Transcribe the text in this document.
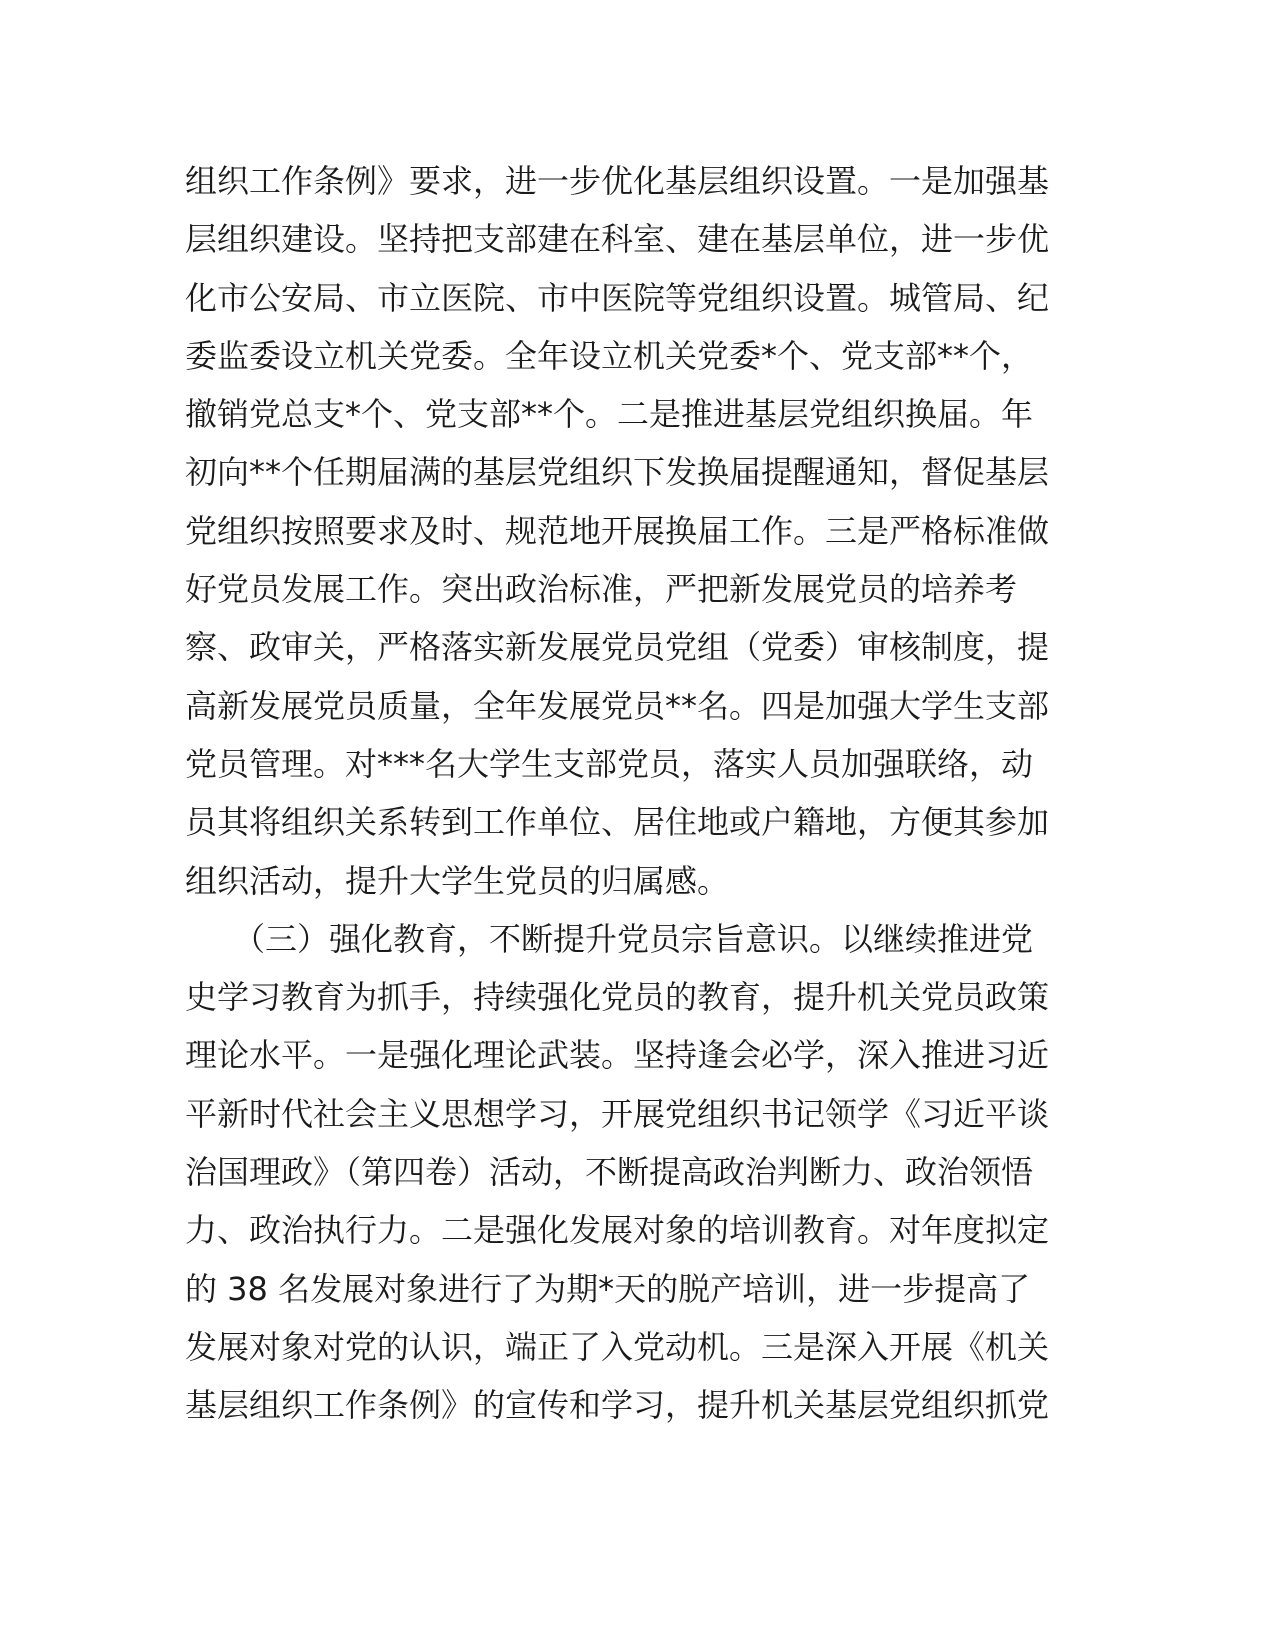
组织工作条例》要求，进一步优化基层组织设置。一是加强基
层组织建设。坚持把支部建在科室、建在基层单位，进一步优
化市公安局、市立医院、市中医院等党组织设置。城管局、纪
委监委设立机关党委。全年设立机关党委*个、党支部**个，
撤销党总支*个、党支部**个。二是推进基层党组织换届。年
初向**个任期届满的基层党组织下发换届提醒通知，督促基层
党组织按照要求及时、规范地开展换届工作。三是严格标准做
好党员发展工作。突出政治标准，严把新发展党员的培养考
察、政审关，严格落实新发展党员党组（党委）审核制度，提
高新发展党员质量，全年发展党员**名。四是加强大学生支部
党员管理。对***名大学生支部党员，落实人员加强联络，动
员其将组织关系转到工作单位、居住地或户籍地，方便其参加
组织活动，提升大学生党员的归属感。
　　（三）强化教育，不断提升党员宗旨意识。以继续推进党
史学习教育为抓手，持续强化党员的教育，提升机关党员政策
理论水平。一是强化理论武装。坚持逢会必学，深入推进习近
平新时代社会主义思想学习，开展党组织书记领学《习近平谈
治国理政》（第四卷）活动，不断提高政治判断力、政治领悟
力、政治执行力。二是强化发展对象的培训教育。对年度拟定
的 38 名发展对象进行了为期*天的脱产培训，进一步提高了
发展对象对党的认识，端正了入党动机。三是深入开展《机关
基层组织工作条例》的宣传和学习，提升机关基层党组织抓党
